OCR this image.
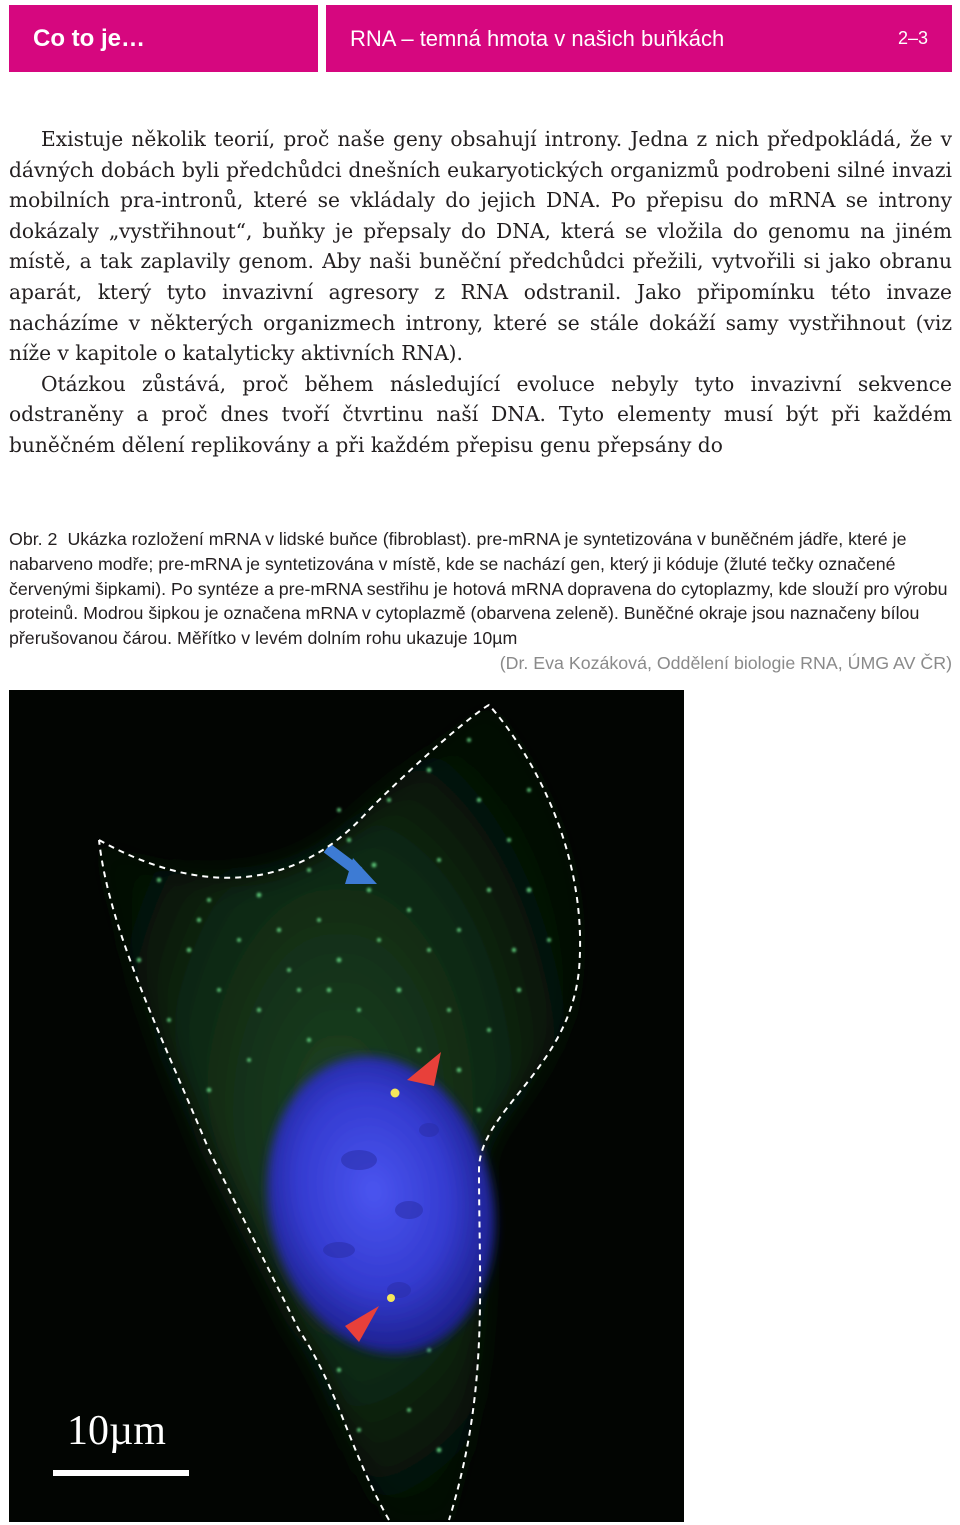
Co to je…	RNA – temná hmota v našich buňkách	2–3

Existuje několik teorií, proč naše geny obsahují introny. Jedna z nich předpokládá, že v dávných dobách byli předchůdci dnešních eukaryotických organizmů podrobeni silné invazi mobilních pra-intronů, které se vkládaly do jejich DNA. Po přepisu do mRNA se introny dokázaly „vystřihnout“, buňky je přepsaly do DNA, která se vložila do genomu na jiném místě, a tak zaplavily genom. Aby naši buněční předchůdci přežili, vytvořili si jako obranu aparát, který tyto invazivní agresory z RNA odstranil. Jako připomínku této invaze nacházíme v některých organizmech introny, které se stále dokáží samy vystřihnout (viz níže v kapitole o katalyticky aktivních RNA).

Otázkou zůstává, proč během následující evoluce nebyly tyto invazivní sekvence odstraněny a proč dnes tvoří čtvrtinu naší DNA. Tyto elementy musí být při každém buněčném dělení replikovány a při každém přepisu genu přepsány do

Obr. 2 Ukázka rozložení mRNA v lidské buňce (fibroblast). pre-mRNA je syntetizována v buněčném jádře, které je nabarveno modře; pre-mRNA je syntetizována v místě, kde se nachází gen, který ji kóduje (žluté tečky označené červenými šipkami). Po syntéze a pre-mRNA sestřihu je hotová mRNA dopravena do cytoplazmy, kde slouží pro výrobu proteinů. Modrou šipkou je označena mRNA v cytoplazmě (obarvena zeleně). Buněčné okraje jsou naznačeny bílou přerušovanou čárou. Měřítko v levém dolním rohu ukazuje 10µm
(Dr. Eva Kozáková, Oddělení biologie RNA, ÚMG AV ČR)
10µm
